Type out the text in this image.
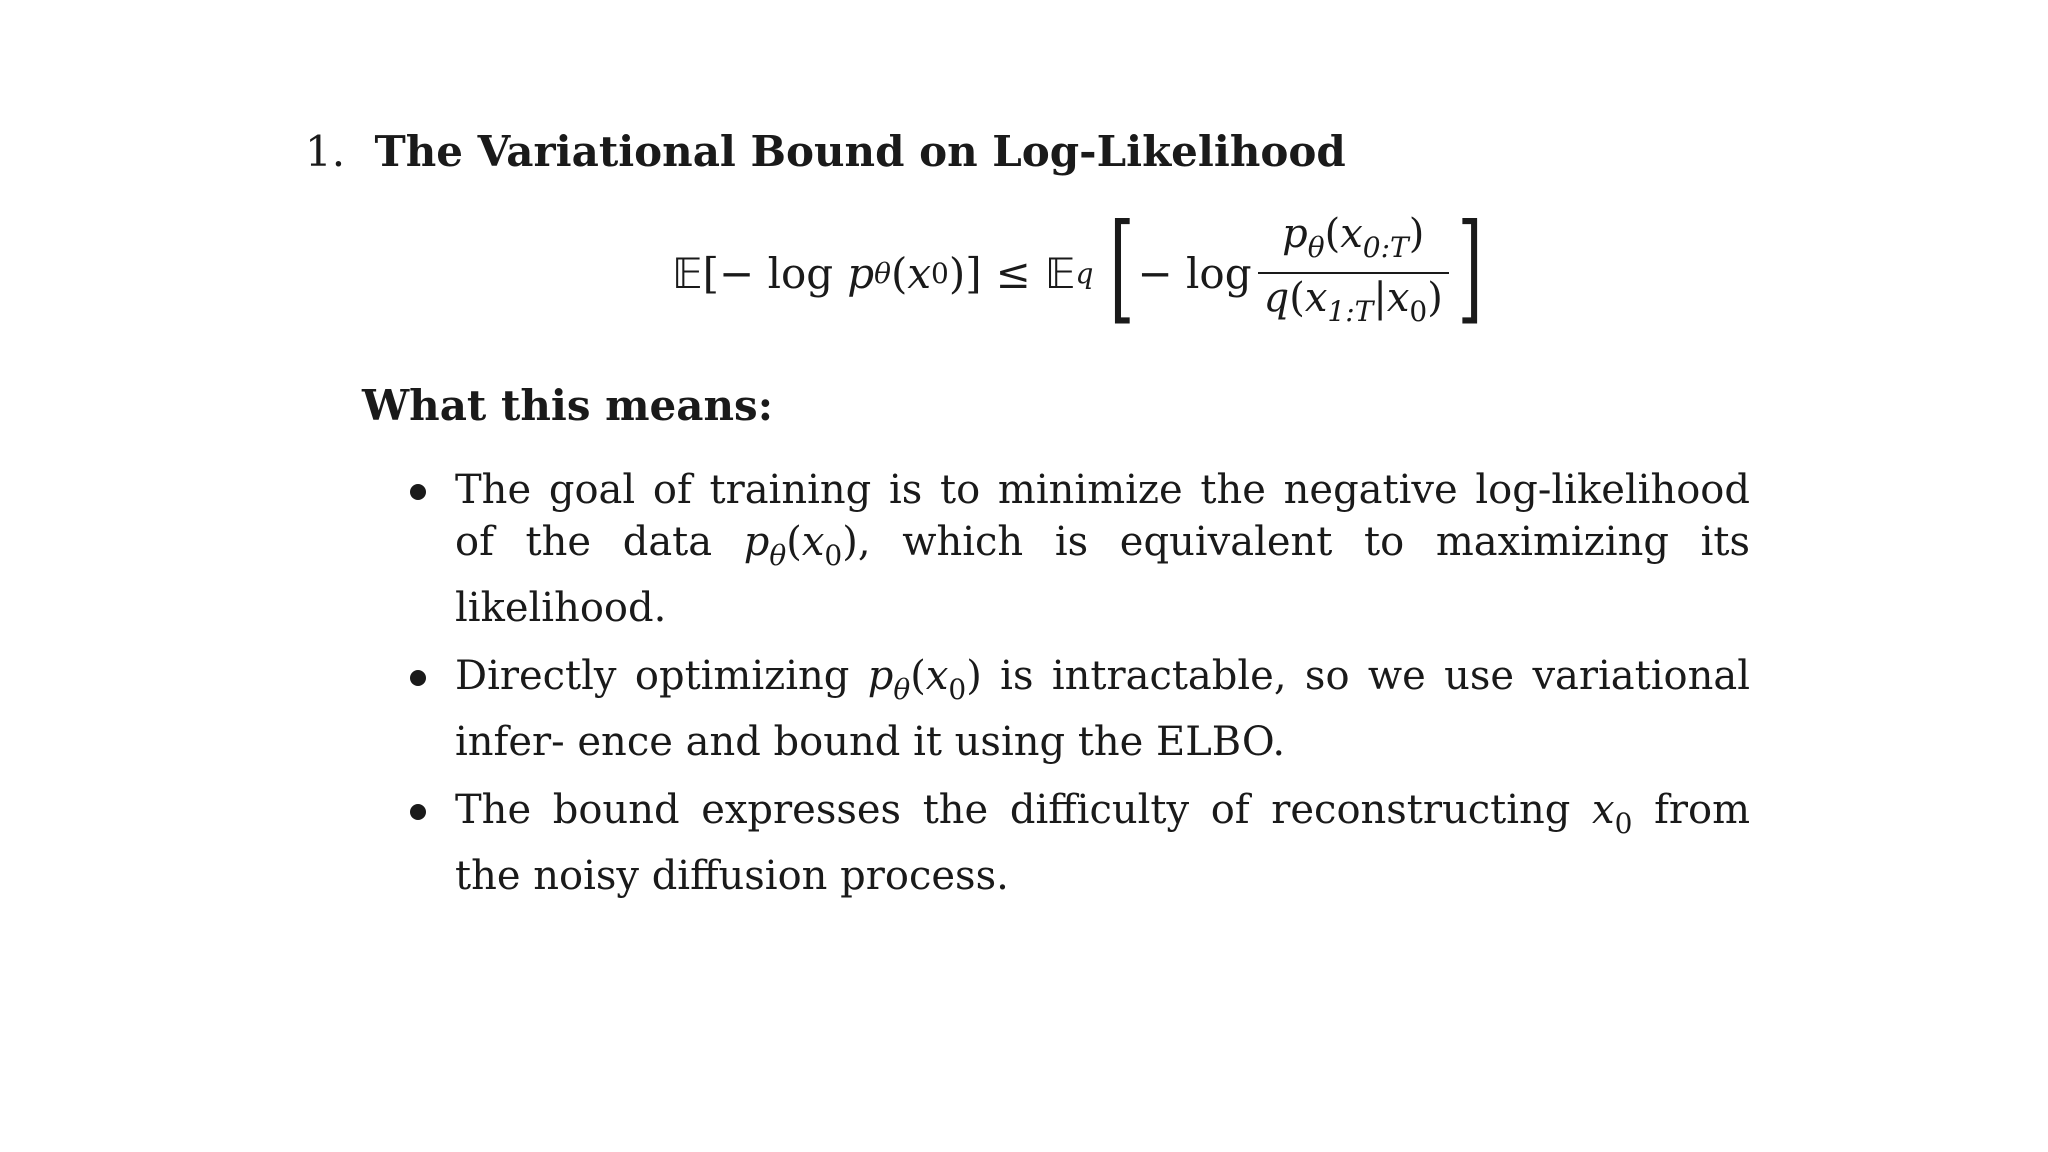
1. The Variational Bound on Log-Likelihood
𝔼 [ − log p θ ( x 0 )] ≤ 𝔼 q [ − $\log \frac{p_\theta(x_{0:T})}{q(x_{1:T}|x_0)}$ ]
What this means:
The goal of training is to minimize the negative log-likelihood of the data $p_\theta(x_0)$, which is equivalent to maximizing its likelihood.
Directly optimizing $p_\theta(x_0)$ is intractable, so we use variational infer- ence and bound it using the ELBO.
The bound expresses the difficulty of reconstructing $x_0$ from the noisy diffusion process.
